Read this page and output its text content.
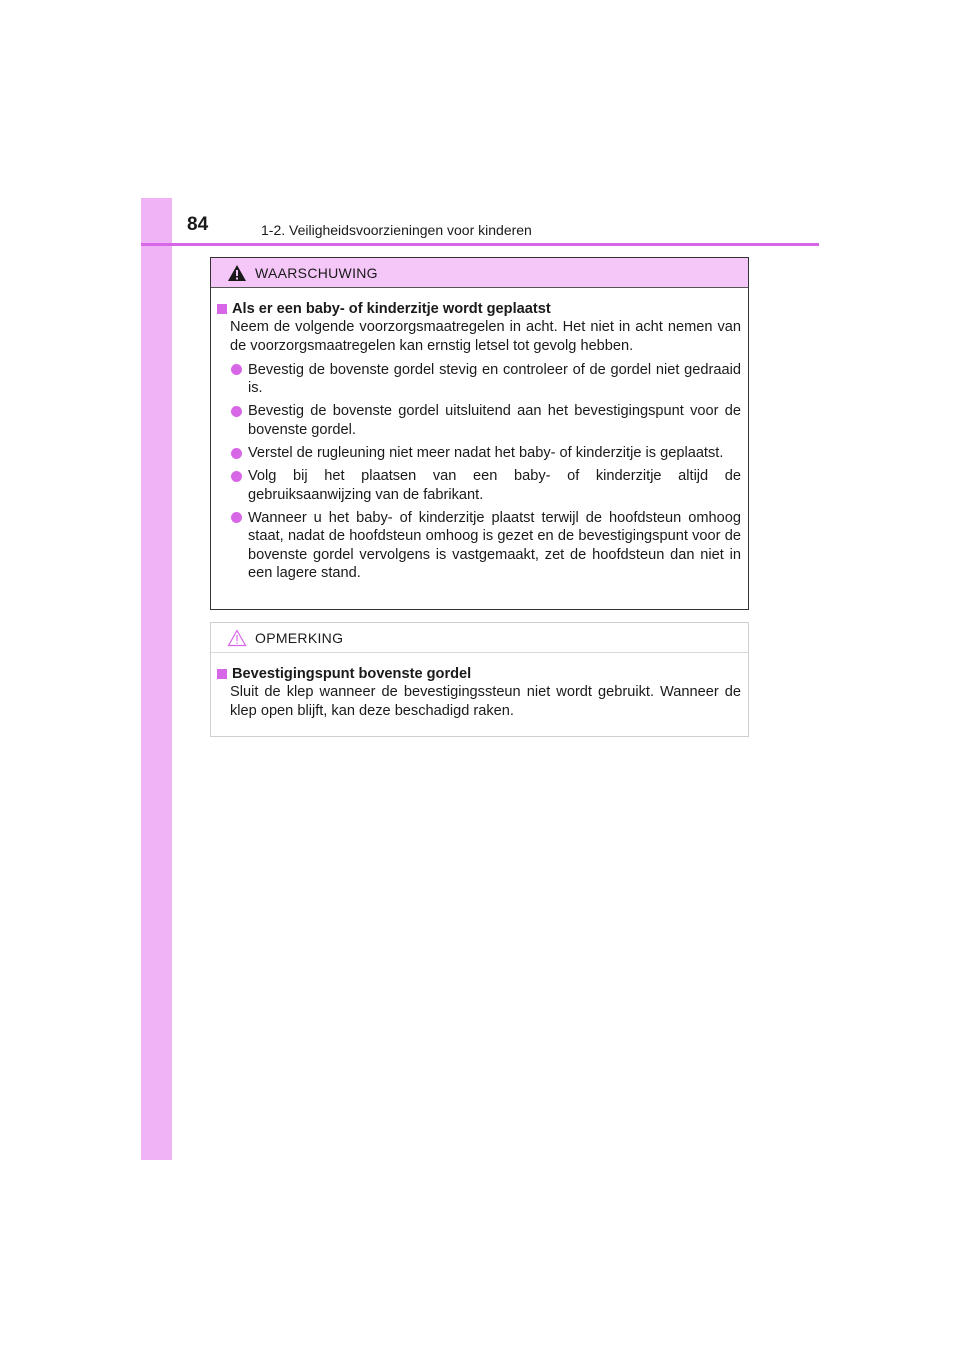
84	1-2. Veiligheidsvoorzieningen voor kinderen
WAARSCHUWING
Als er een baby- of kinderzitje wordt geplaatst
Neem de volgende voorzorgsmaatregelen in acht. Het niet in acht nemen van de voorzorgsmaatregelen kan ernstig letsel tot gevolg hebben.
Bevestig de bovenste gordel stevig en controleer of de gordel niet gedraaid is.
Bevestig de bovenste gordel uitsluitend aan het bevestigingspunt voor de bovenste gordel.
Verstel de rugleuning niet meer nadat het baby- of kinderzitje is geplaatst.
Volg bij het plaatsen van een baby- of kinderzitje altijd de gebruiksaanwijzing van de fabrikant.
Wanneer u het baby- of kinderzitje plaatst terwijl de hoofdsteun omhoog staat, nadat de hoofdsteun omhoog is gezet en de bevestigingspunt voor de bovenste gordel vervolgens is vastgemaakt, zet de hoofdsteun dan niet in een lagere stand.
OPMERKING
Bevestigingspunt bovenste gordel
Sluit de klep wanneer de bevestigingssteun niet wordt gebruikt. Wanneer de klep open blijft, kan deze beschadigd raken.
